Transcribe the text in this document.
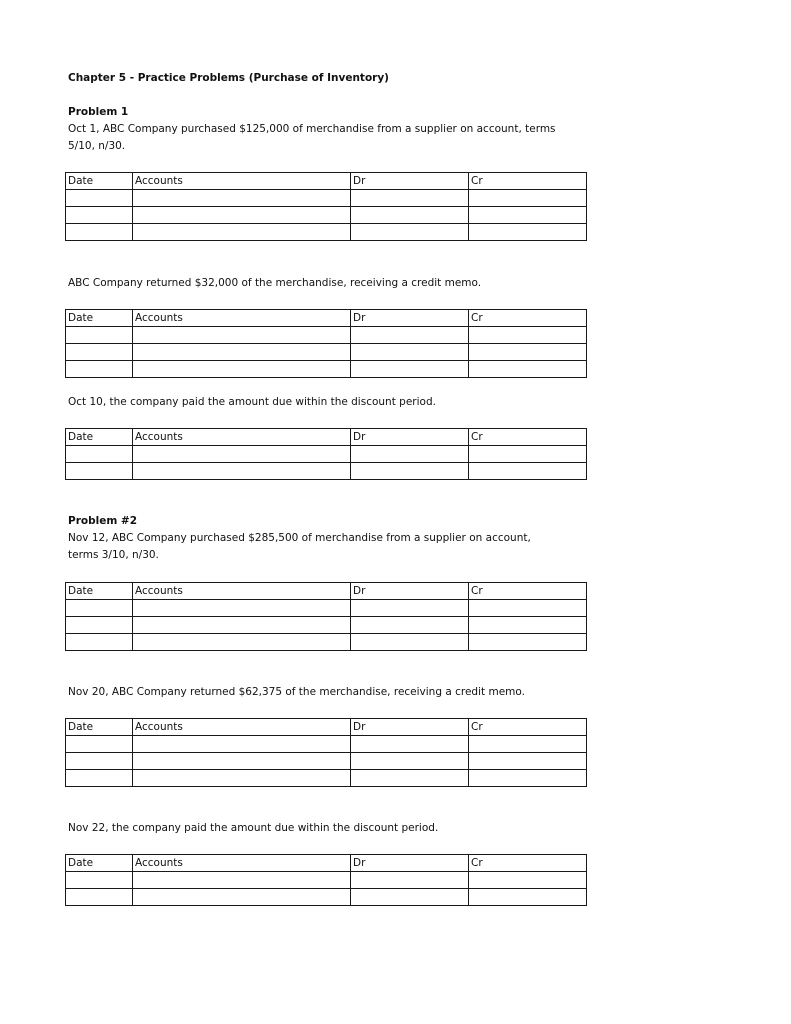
Chapter 5 - Practice Problems (Purchase of Inventory)
Problem 1
Oct 1, ABC Company purchased $125,000 of merchandise from a supplier on account, terms 5/10, n/30.
Date	Accounts	Dr	Cr

ABC Company returned $32,000 of the merchandise, receiving a credit memo.
Date	Accounts	Dr	Cr

Oct 10, the company paid the amount due within the discount period.
Date	Accounts	Dr	Cr

Problem #2
Nov 12, ABC Company purchased $285,500 of merchandise from a supplier on account, terms 3/10, n/30.
Date	Accounts	Dr	Cr

Nov 20, ABC Company returned $62,375 of the merchandise, receiving a credit memo.
Date	Accounts	Dr	Cr

Nov 22, the company paid the amount due within the discount period.
Date	Accounts	Dr	Cr
